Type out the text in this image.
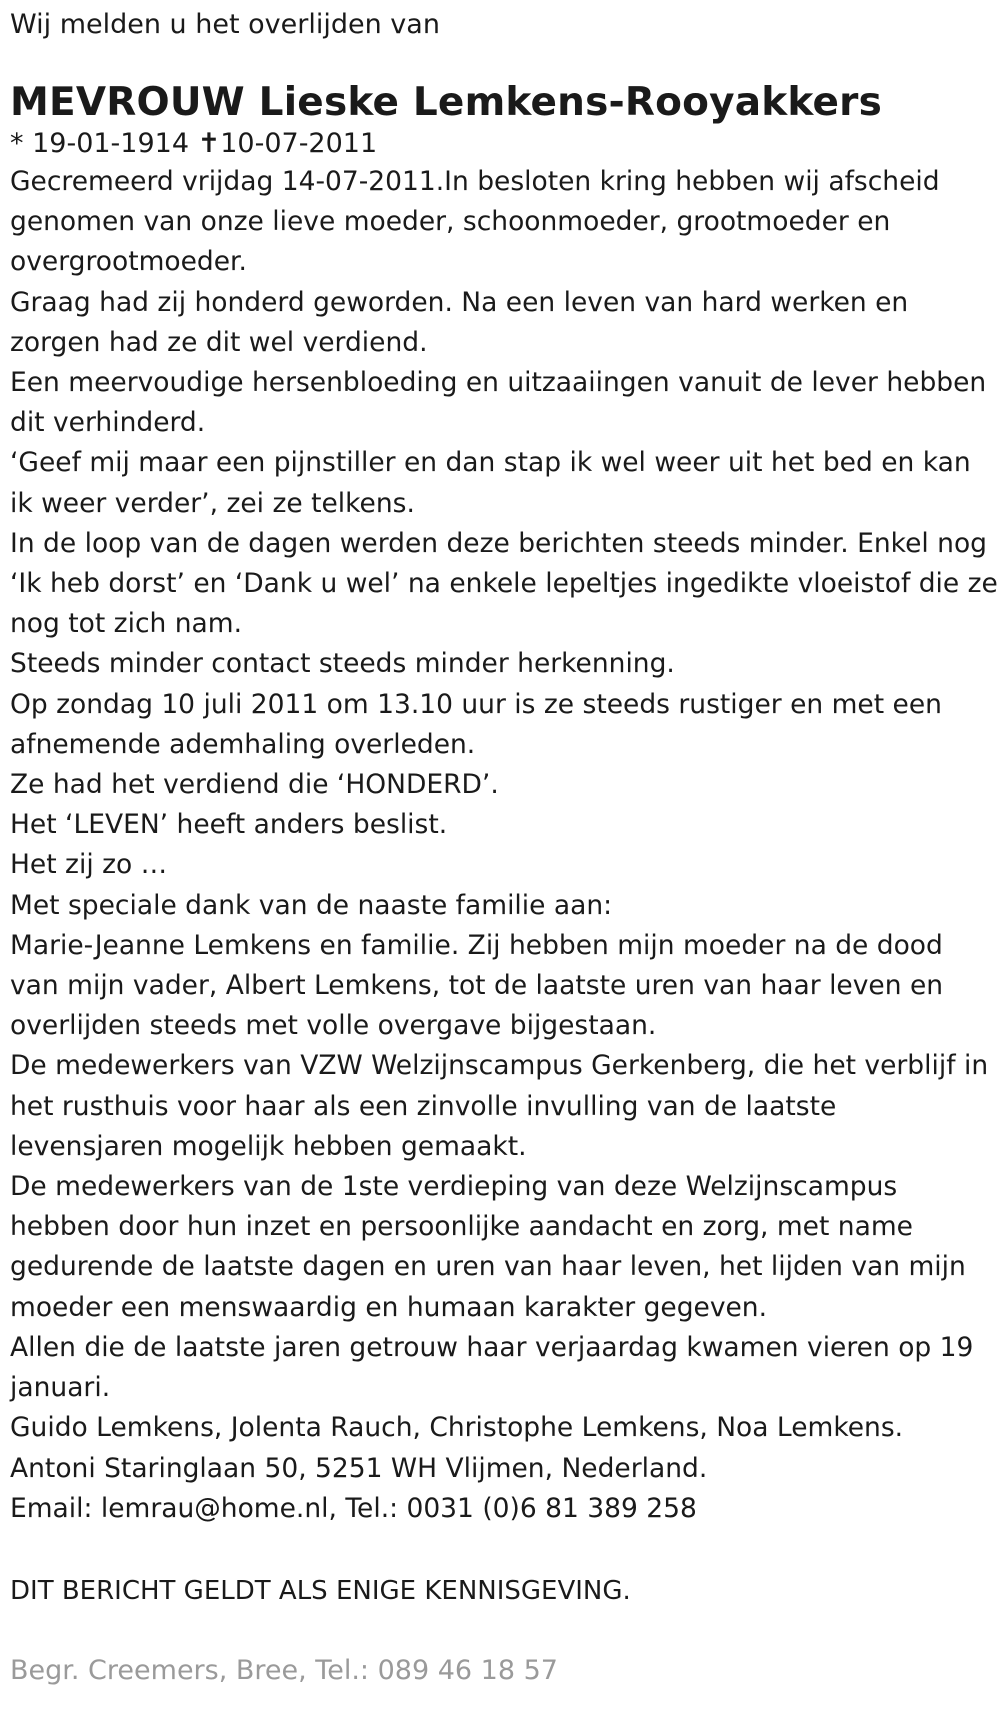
Wij melden u het overlijden van

MEVROUW Lieske Lemkens-Rooyakkers

* 19-01-1914 ✝10-07-2011

Gecremeerd vrijdag 14-07-2011.In besloten kring hebben wij afscheid
genomen van onze lieve moeder, schoonmoeder, grootmoeder en
overgrootmoeder.
Graag had zij honderd geworden. Na een leven van hard werken en
zorgen had ze dit wel verdiend.
Een meervoudige hersenbloeding en uitzaaiingen vanuit de lever hebben
dit verhinderd.
‘Geef mij maar een pijnstiller en dan stap ik wel weer uit het bed en kan
ik weer verder’, zei ze telkens.
In de loop van de dagen werden deze berichten steeds minder. Enkel nog
‘Ik heb dorst’ en ‘Dank u wel’ na enkele lepeltjes ingedikte vloeistof die ze
nog tot zich nam.
Steeds minder contact steeds minder herkenning.
Op zondag 10 juli 2011 om 13.10 uur is ze steeds rustiger en met een
afnemende ademhaling overleden.
Ze had het verdiend die ‘HONDERD’.
Het ‘LEVEN’ heeft anders beslist.
Het zij zo …
Met speciale dank van de naaste familie aan:
Marie-Jeanne Lemkens en familie. Zij hebben mijn moeder na de dood
van mijn vader, Albert Lemkens, tot de laatste uren van haar leven en
overlijden steeds met volle overgave bijgestaan.
De medewerkers van VZW Welzijnscampus Gerkenberg, die het verblijf in
het rusthuis voor haar als een zinvolle invulling van de laatste
levensjaren mogelijk hebben gemaakt.
De medewerkers van de 1ste verdieping van deze Welzijnscampus
hebben door hun inzet en persoonlijke aandacht en zorg, met name
gedurende de laatste dagen en uren van haar leven, het lijden van mijn
moeder een menswaardig en humaan karakter gegeven.
Allen die de laatste jaren getrouw haar verjaardag kwamen vieren op 19
januari.
Guido Lemkens, Jolenta Rauch, Christophe Lemkens, Noa Lemkens.
Antoni Staringlaan 50, 5251 WH Vlijmen, Nederland.
Email: lemrau@home.nl, Tel.: 0031 (0)6 81 389 258

DIT BERICHT GELDT ALS ENIGE KENNISGEVING.

Begr. Creemers, Bree, Tel.: 089 46 18 57
